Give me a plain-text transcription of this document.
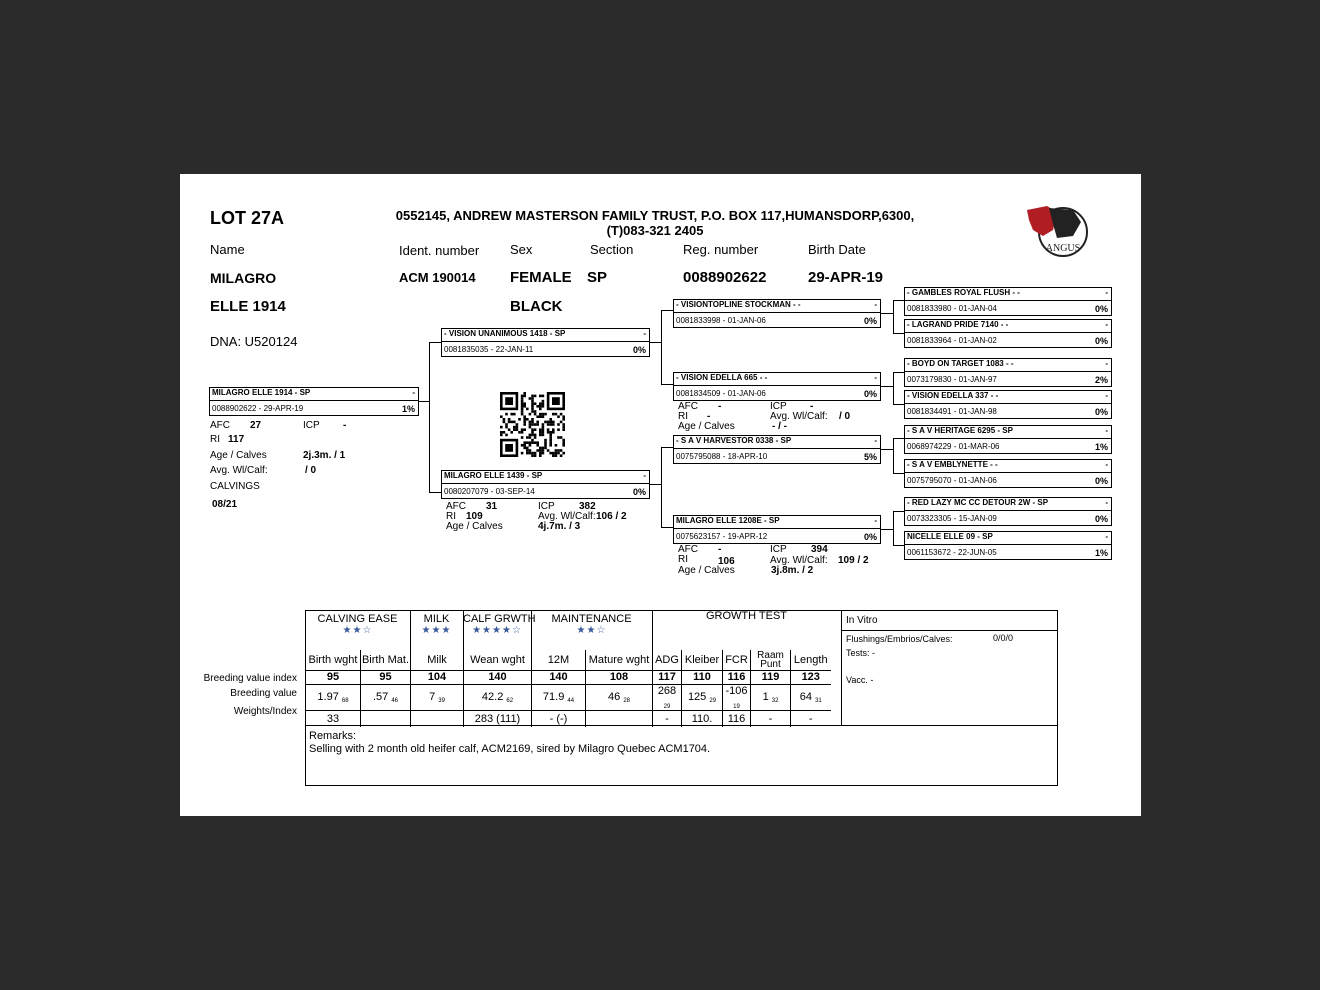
LOT 27A	0552145, ANDREW MASTERSON FAMILY TRUST, P.O. BOX 117,HUMANSDORP,6300,
(T)083-321 2405
ANGUS
Name	Ident. number Sex	Section	Reg. number	Birth Date
MILAGRO	ACM 190014 FEMALE SP	0088902622	29-APR-19
ELLE 1914	BLACK
DNA: U520124
MILAGRO ELLE 1914 - SP	-
0088902622 - 29-APR-19	1%
AFC 27	ICP -
RI 117
Age / Calves	2j.3m. / 1
Avg. Wl/Calf:	/ 0
CALVINGS
08/21
- VISION UNANIMOUS 1418 - SP	-
0081835035 - 22-JAN-11	0%
MILAGRO ELLE 1439 - SP	-
0080207079 - 03-SEP-14	0%
AFC 31	ICP 382
RI 109	Avg. Wl/Calf: 106 / 2
Age / Calves	4j.7m. / 3
- VISIONTOPLINE STOCKMAN - -	-
0081833998 - 01-JAN-06	0%
- VISION EDELLA 665 - -	-
0081834509 - 01-JAN-06	0%
AFC -	ICP -
RI -	Avg. Wl/Calf: / 0
Age / Calves	- / -
- S A V HARVESTOR 0338 - SP	-
0075795088 - 18-APR-10	5%
MILAGRO ELLE 1208E - SP	-
0075623157 - 19-APR-12	0%
AFC -	ICP 394
RI	106	Avg. Wl/Calf: 109 / 2
Age / Calves	3j.8m. / 2
- GAMBLES ROYAL FLUSH - -	-
0081833980 - 01-JAN-04	0%
- LAGRAND PRIDE 7140 - -	-
0081833964 - 01-JAN-02	0%
- BOYD ON TARGET 1083 - -	-
0073179830 - 01-JAN-97	2%
- VISION EDELLA 337 - -	-
0081834491 - 01-JAN-98	0%
- S A V HERITAGE 6295 - SP	-
0068974229 - 01-MAR-06	1%
- S A V EMBLYNETTE - -	-
0075795070 - 01-JAN-06	0%
- RED LAZY MC CC DETOUR 2W - SP	-
0073323305 - 15-JAN-09	0%
NICELLE ELLE 09 - SP	-
0061153672 - 22-JUN-05	1%
CALVING EASE
★★☆
MILK
★★★
CALF GRWTH
★★★★☆
MAINTENANCE
★★☆
GROWTH TEST
Breeding value index
Breeding value
Weights/Index
Birth wght	Birth Mat.	Milk	Wean wght	12M	Mature wght	ADG	Kleiber	FCR	Raam Punt	Length
95	95	104	140	140	108	117	110	116	119	123
1.97 $_{68}$	.57 $_{46}$	7 $_{39}$	42.2 $_{62}$	71.9 $_{44}$	46 $_{28}$	268 $_{29}$	125 $_{29}$	-106 $_{19}$	1 $_{32}$	64 $_{31}$
33			283 (111)	- (-)		-	110.	116	-	-
In Vitro
Flushings/Embrios/Calves:	0/0/0
Tests: -
Vacc. -
Remarks:
Selling with 2 month old heifer calf, ACM2169, sired by Milagro Quebec ACM1704.
